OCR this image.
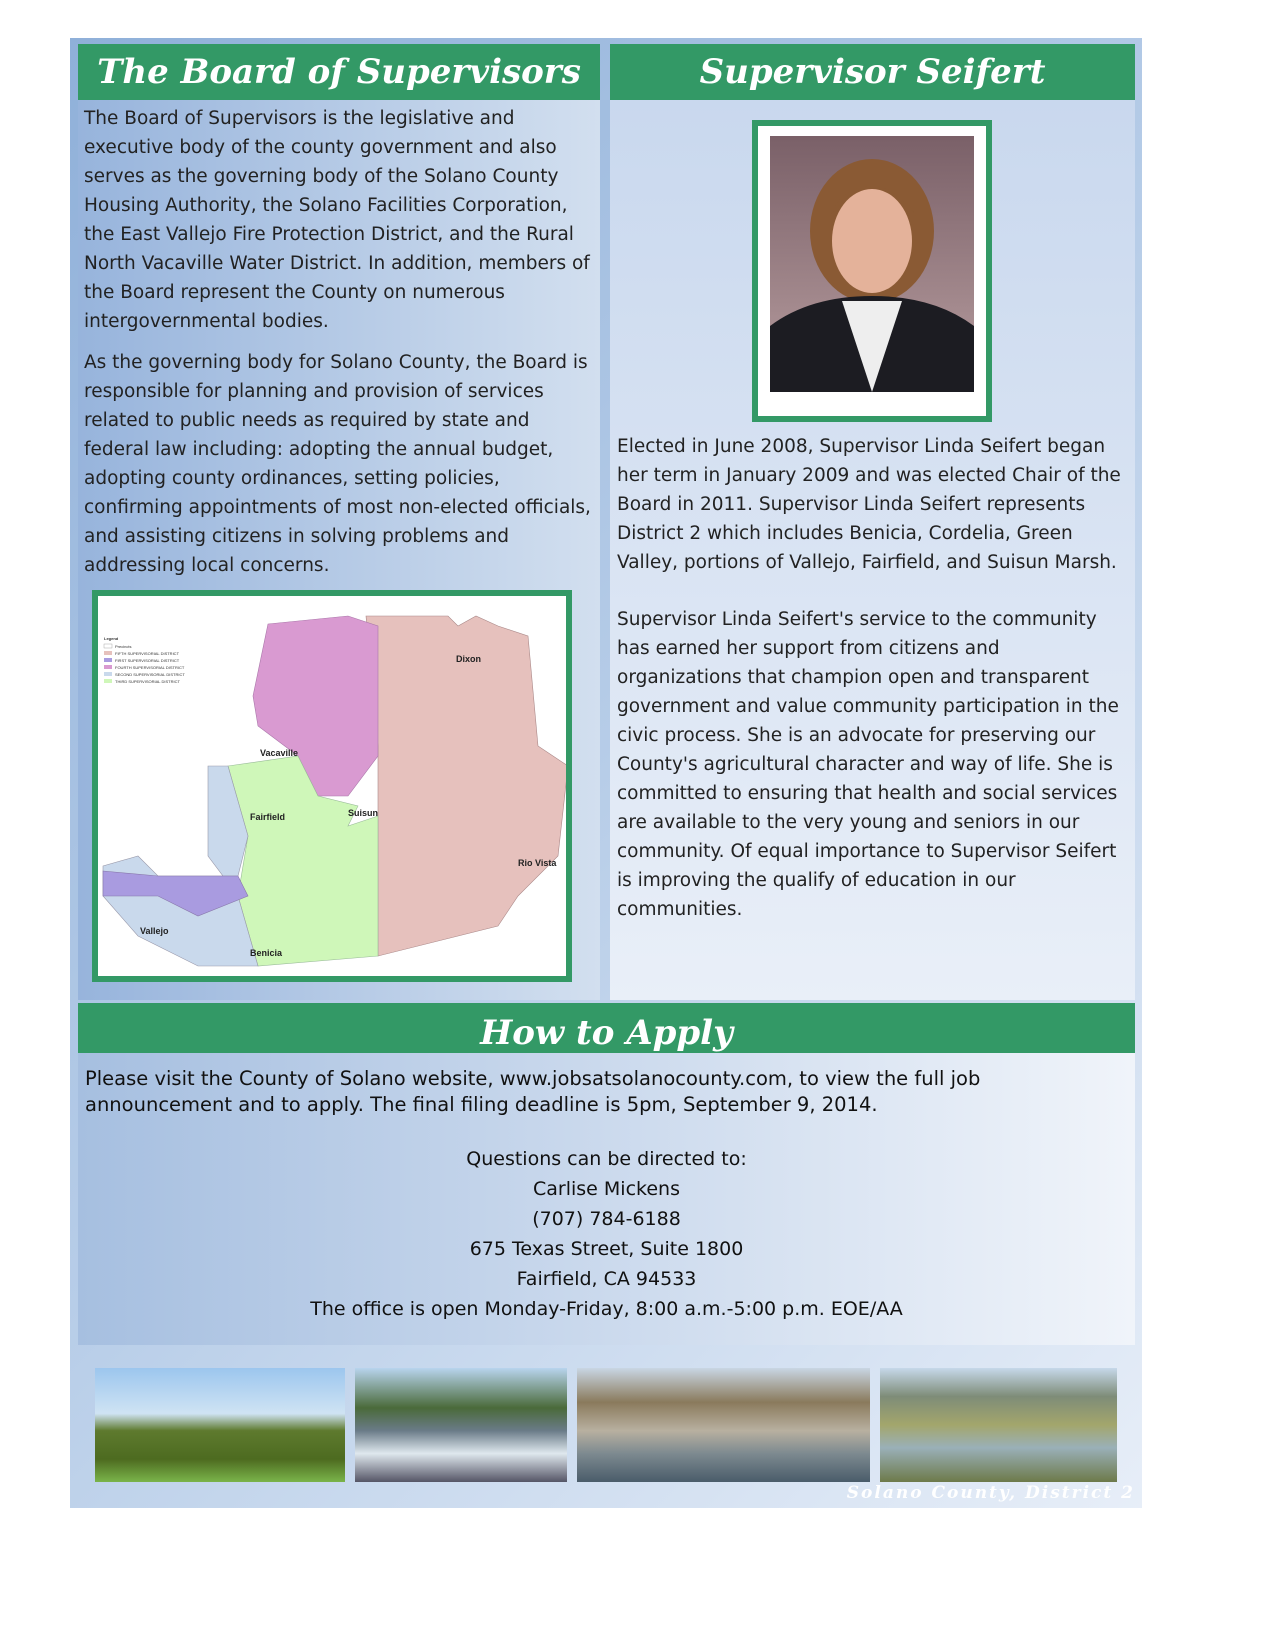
The Board of Supervisors	Supervisor Seifert

The Board of Supervisors is the legislative and executive body of the county government and also serves as the governing body of the Solano County Housing Authority, the Solano Facilities Corporation, the East Vallejo Fire Protection District, and the Rural North Vacaville Water District. In addition, members of the Board represent the County on numerous intergovernmental bodies.

As the governing body for Solano County, the Board is responsible for planning and provision of services related to public needs as required by state and federal law including: adopting the annual budget, adopting county ordinances, setting policies, confirming appointments of most non-elected officials, and assisting citizens in solving problems and addressing local concerns.

Legend
Precincts
FIFTH SUPERVISORIAL DISTRICT
FIRST SUPERVISORIAL DISTRICT
FOURTH SUPERVISORIAL DISTRICT
SECOND SUPERVISORIAL DISTRICT
THIRD SUPERVISORIAL DISTRICT
Dixon
Vacaville
Fairfield	Suisun
Rio Vista
Vallejo
Benicia

Elected in June 2008, Supervisor Linda Seifert began her term in January 2009 and was elected Chair of the Board in 2011. Supervisor Linda Seifert represents District 2 which includes Benicia, Cordelia, Green Valley, portions of Vallejo, Fairfield, and Suisun Marsh.

Supervisor Linda Seifert's service to the community has earned her support from citizens and organizations that champion open and transparent government and value community participation in the civic process. She is an advocate for preserving our County's agricultural character and way of life. She is committed to ensuring that health and social services are available to the very young and seniors in our community. Of equal importance to Supervisor Seifert is improving the qualify of education in our communities.

How to Apply
Please visit the County of Solano website, www.jobsatsolanocounty.com, to view the full job announcement and to apply. The final filing deadline is 5pm, September 9, 2014.
Questions can be directed to:
Carlise Mickens
(707) 784-6188
675 Texas Street, Suite 1800
Fairfield, CA 94533
The office is open Monday-Friday, 8:00 a.m.-5:00 p.m. EOE/AA
Solano County, District 2
